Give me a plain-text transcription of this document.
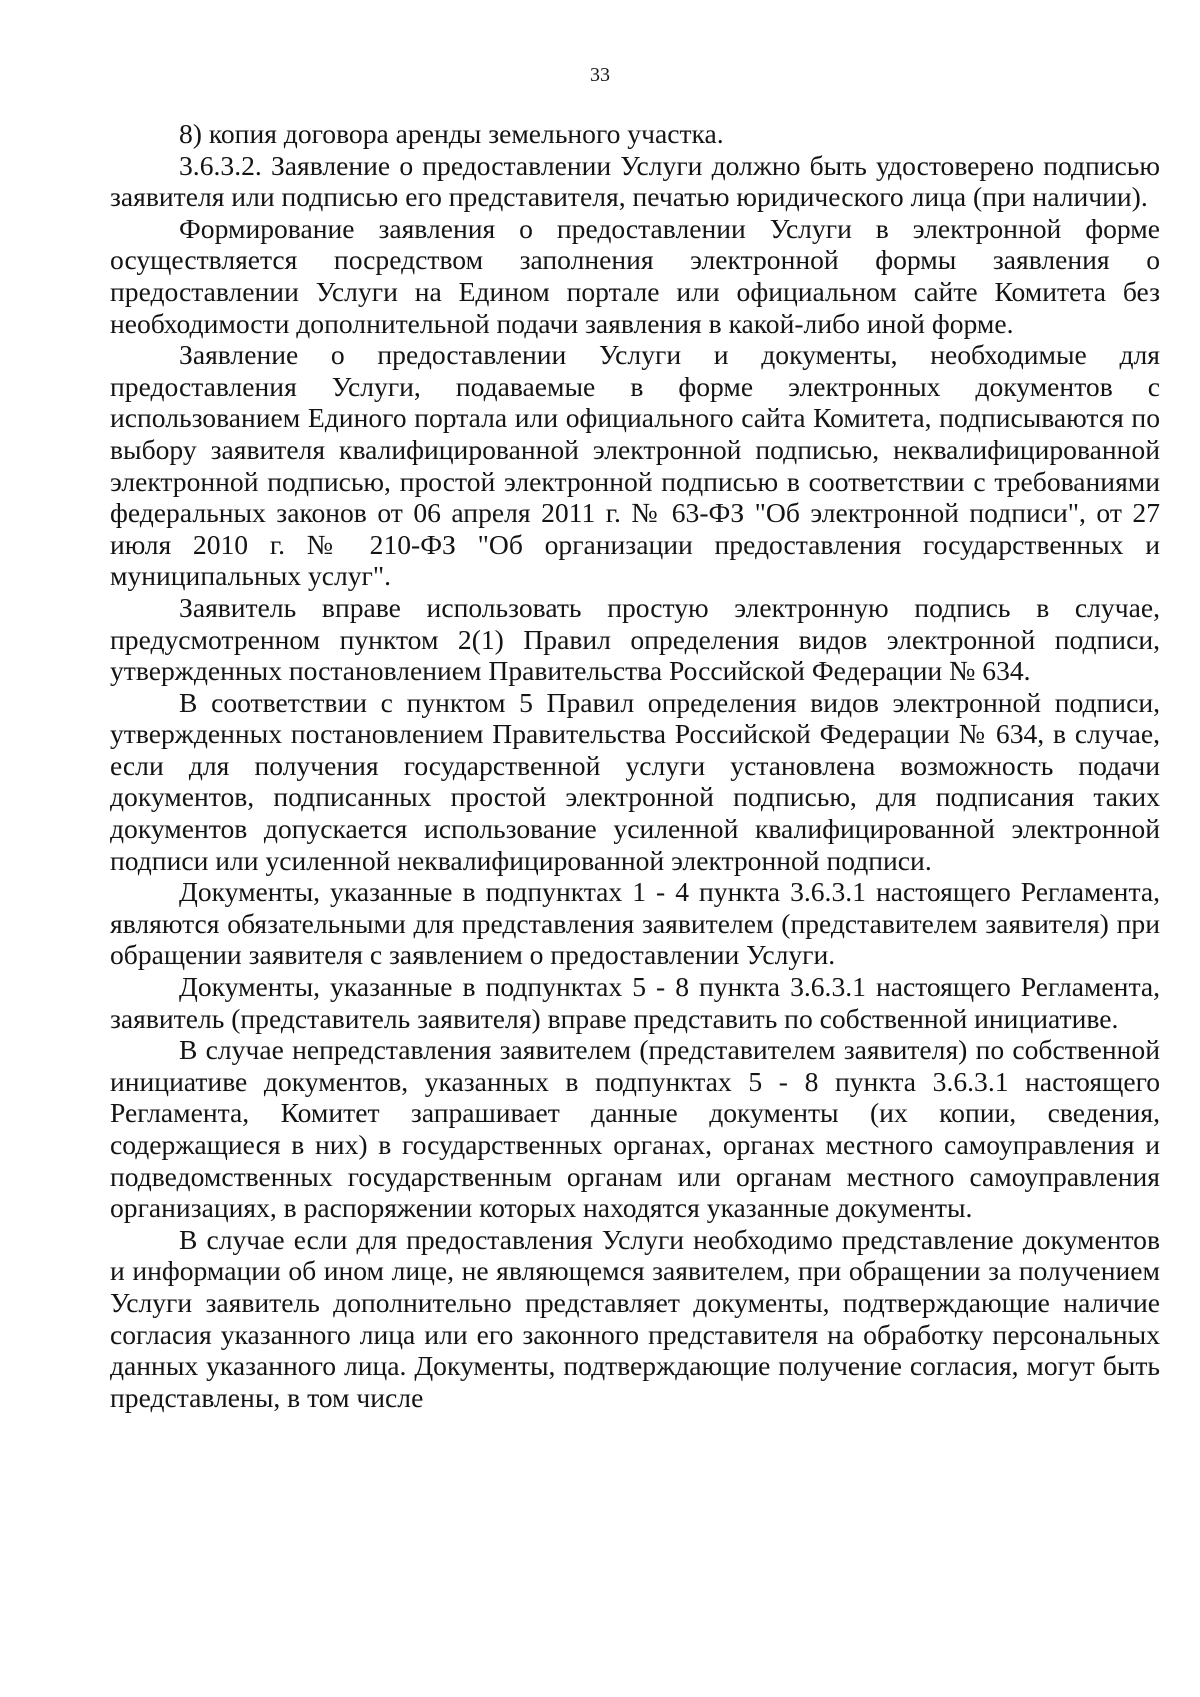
33

8) копия договора аренды земельного участка.

3.6.3.2. Заявление о предоставлении Услуги должно быть удостоверено подписью заявителя или подписью его представителя, печатью юридического лица (при наличии).

Формирование заявления о предоставлении Услуги в электронной форме осуществляется посредством заполнения электронной формы заявления о предоставлении Услуги на Едином портале или официальном сайте Комитета без необходимости дополнительной подачи заявления в какой-либо иной форме.

Заявление о предоставлении Услуги и документы, необходимые для предоставления Услуги, подаваемые в форме электронных документов с использованием Единого портала или официального сайта Комитета, подписываются по выбору заявителя квалифицированной электронной подписью, неквалифицированной электронной подписью, простой электронной подписью в соответствии с требованиями федеральных законов от 06 апреля 2011 г. № 63-ФЗ "Об электронной подписи", от 27 июля 2010 г. № 210-ФЗ "Об организации предоставления государственных и муниципальных услуг".

Заявитель вправе использовать простую электронную подпись в случае, предусмотренном пунктом 2(1) Правил определения видов электронной подписи, утвержденных постановлением Правительства Российской Федерации № 634.

В соответствии с пунктом 5 Правил определения видов электронной подписи, утвержденных постановлением Правительства Российской Федерации № 634, в случае, если для получения государственной услуги установлена возможность подачи документов, подписанных простой электронной подписью, для подписания таких документов допускается использование усиленной квалифицированной электронной подписи или усиленной неквалифицированной электронной подписи.

Документы, указанные в подпунктах 1 - 4 пункта 3.6.3.1 настоящего Регламента, являются обязательными для представления заявителем (представителем заявителя) при обращении заявителя с заявлением о предоставлении Услуги.

Документы, указанные в подпунктах 5 - 8 пункта 3.6.3.1 настоящего Регламента, заявитель (представитель заявителя) вправе представить по собственной инициативе.

В случае непредставления заявителем (представителем заявителя) по собственной инициативе документов, указанных в подпунктах 5 - 8 пункта 3.6.3.1 настоящего Регламента, Комитет запрашивает данные документы (их копии, сведения, содержащиеся в них) в государственных органах, органах местного самоуправления и подведомственных государственным органам или органам местного самоуправления организациях, в распоряжении которых находятся указанные документы.

В случае если для предоставления Услуги необходимо представление документов и информации об ином лице, не являющемся заявителем, при обращении за получением Услуги заявитель дополнительно представляет документы, подтверждающие наличие согласия указанного лица или его законного представителя на обработку персональных данных указанного лица. Документы, подтверждающие получение согласия, могут быть представлены, в том числе
